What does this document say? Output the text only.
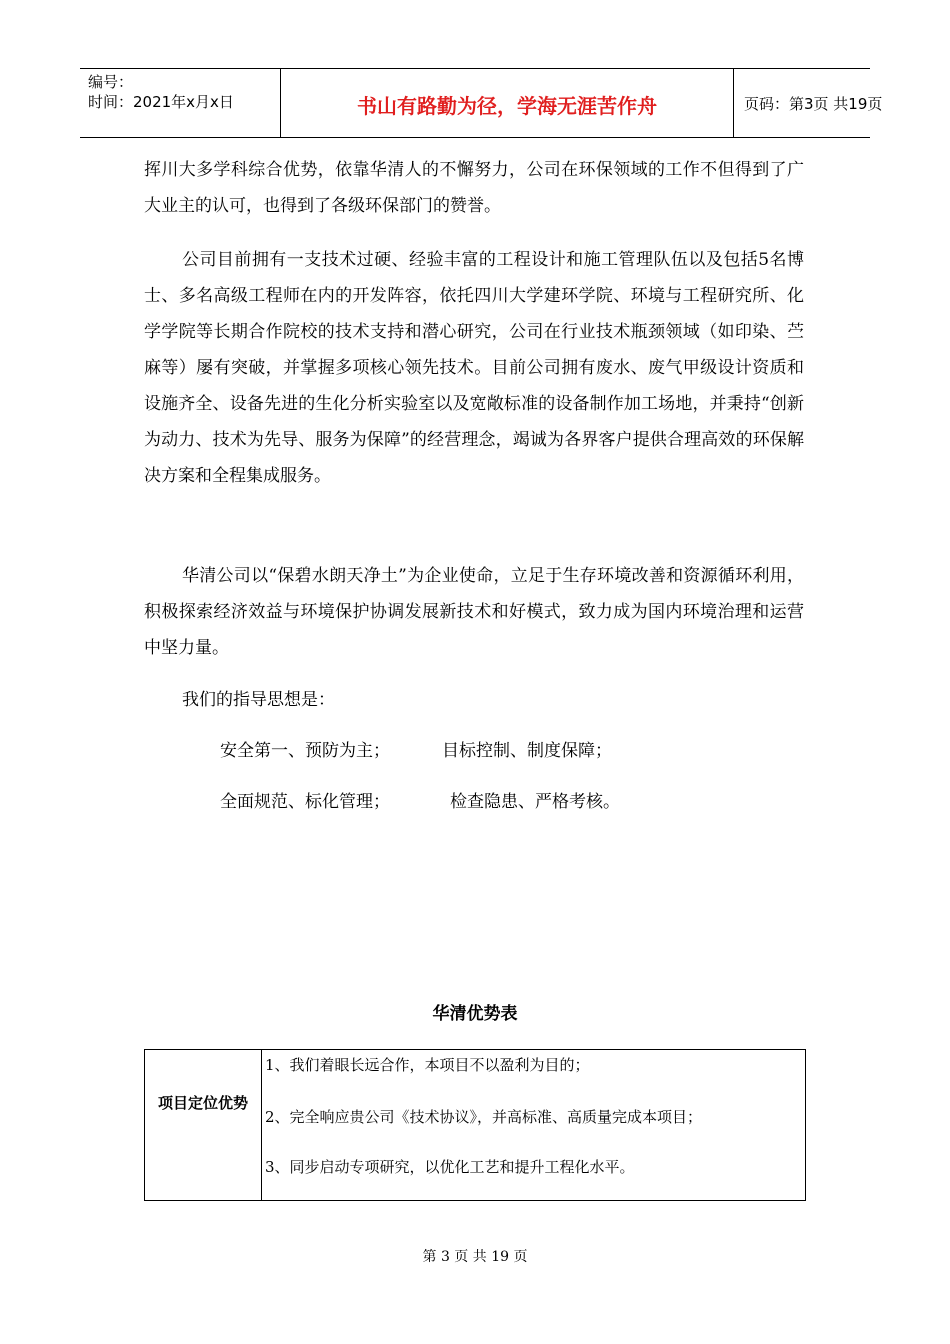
编号：
时间：2021年x月x日	书山有路勤为径，学海无涯苦作舟	页码：第3页 共19页

挥川大多学科综合优势，依靠华清人的不懈努力，公司在环保领域的工作不但得到了广大业主的认可，也得到了各级环保部门的赞誉。

公司目前拥有一支技术过硬、经验丰富的工程设计和施工管理队伍以及包括5名博士、多名高级工程师在内的开发阵容，依托四川大学建环学院、环境与工程研究所、化学学院等长期合作院校的技术支持和潜心研究，公司在行业技术瓶颈领域（如印染、苎麻等）屡有突破，并掌握多项核心领先技术。目前公司拥有废水、废气甲级设计资质和设施齐全、设备先进的生化分析实验室以及宽敞标准的设备制作加工场地，并秉持“创新为动力、技术为先导、服务为保障”的经营理念，竭诚为各界客户提供合理高效的环保解决方案和全程集成服务。

华清公司以“保碧水朗天净土”为企业使命，立足于生存环境改善和资源循环利用，积极探索经济效益与环境保护协调发展新技术和好模式，致力成为国内环境治理和运营中坚力量。

我们的指导思想是：

安全第一、预防为主；	目标控制、制度保障；

全面规范、标化管理；	检查隐患、严格考核。

华清优势表
项目定位优势
1、我们着眼长远合作，本项目不以盈利为目的；
2、完全响应贵公司《技术协议》，并高标准、高质量完成本项目；
3、同步启动专项研究，以优化工艺和提升工程化水平。
第 3 页 共 19 页
